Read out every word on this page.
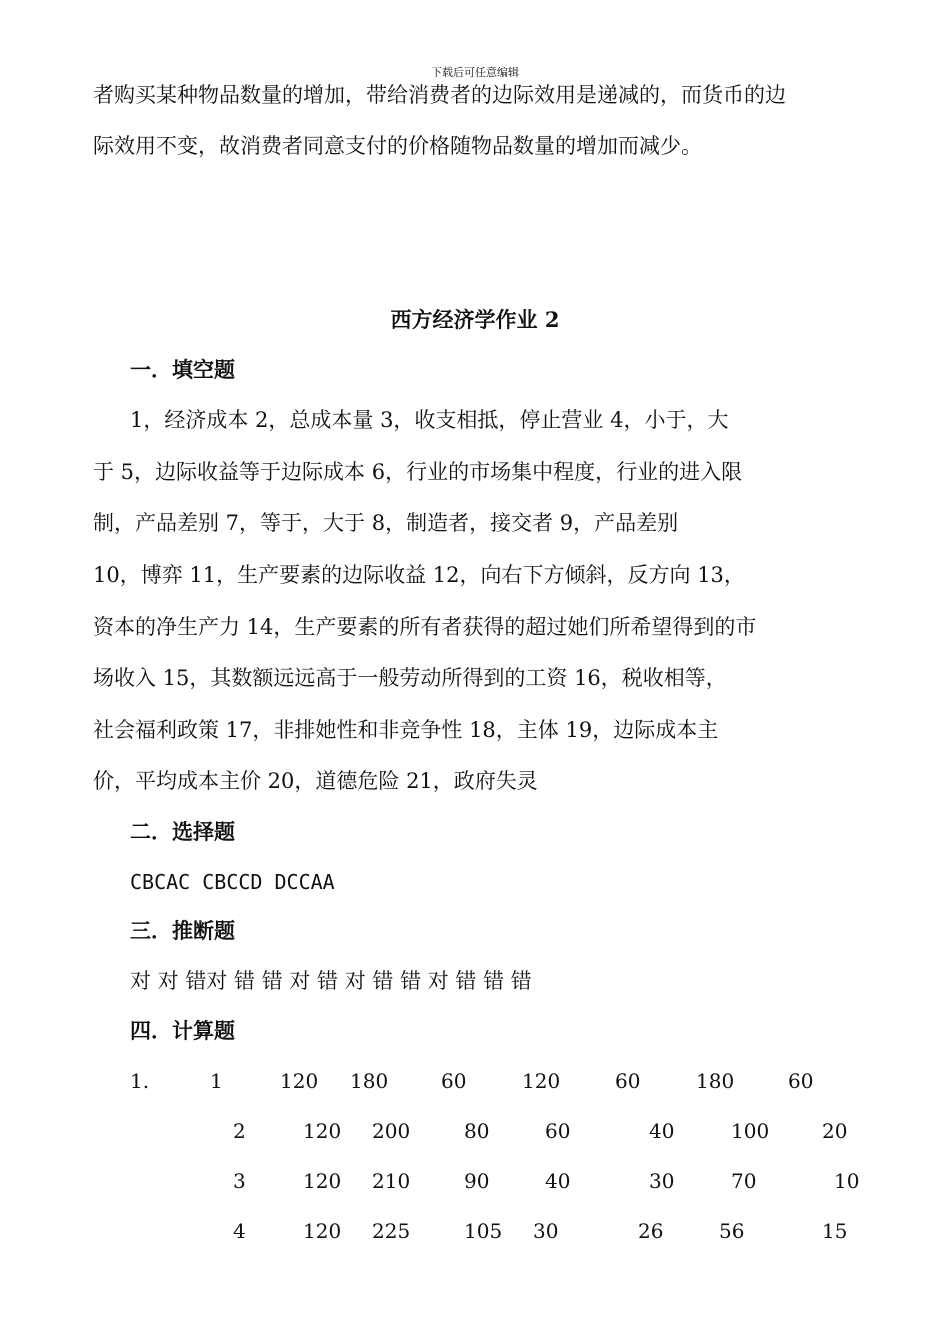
下载后可任意编辑
者购买某种物品数量的增加，带给消费者的边际效用是递减的，而货币的边
际效用不变，故消费者同意支付的价格随物品数量的增加而减少。
西方经济学作业 2
一．填空题
1，经济成本 2，总成本量 3，收支相抵，停止营业 4，小于，大
于 5，边际收益等于边际成本 6，行业的市场集中程度，行业的进入限
制，产品差别 7，等于，大于 8，制造者，接交者 9，产品差别
10，博弈 11，生产要素的边际收益 12，向右下方倾斜，反方向 13，
资本的净生产力 14，生产要素的所有者获得的超过她们所希望得到的市
场收入 15，其数额远远高于一般劳动所得到的工资 16，税收相等，
社会福利政策 17，非排她性和非竞争性 18，主体 19，边际成本主
价，平均成本主价 20，道德危险 21，政府失灵
二．选择题
CBCAC CBCCD DCCAA
三．推断题
对 对 错对 错 错 对 错 对 错 错 对 错 错 错
四．计算题
1.	1	120 180	60	120	60	180	60
2	120 200	80	60	40	100	20
3	120 210	90	40	30	70	10
4	120 225	105 30	26	56	15
